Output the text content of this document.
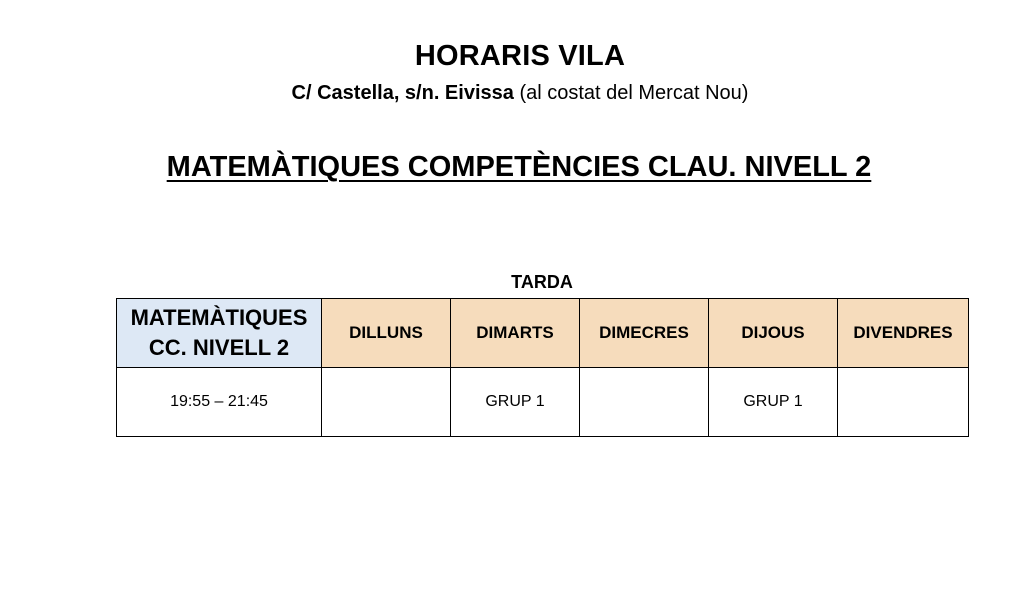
HORARIS VILA
C/ Castella, s/n. Eivissa (al costat del Mercat Nou)
MATEMÀTIQUES COMPETÈNCIES CLAU. NIVELL 2
TARDA
MATEMÀTIQUES
CC. NIVELL 2	DILLUNS	DIMARTS	DIMECRES	DIJOUS	DIVENDRES
19:55 – 21:45		GRUP 1		GRUP 1	
